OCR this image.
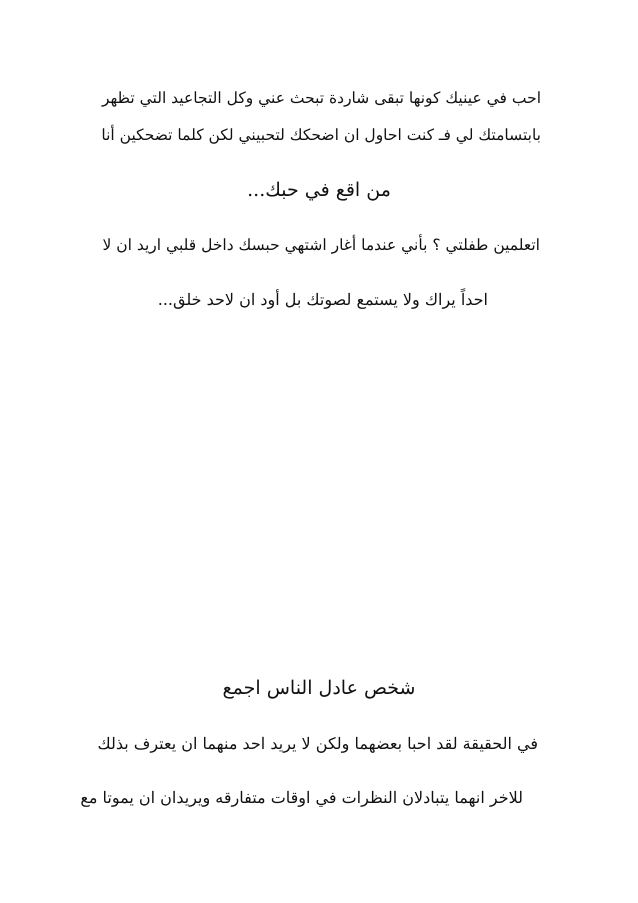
احب في عينيك كونها تبقى شاردة تبحث عني وكل التجاعيد التي تظهر
بابتسامتك لي فـ كنت احاول ان اضحكك لتحبيني لكن كلما تضحكين أنا
من اقع في حبك...
اتعلمين طفلتي ؟ بأني عندما أغار اشتهي حبسك داخل قلبي اريد ان لا
احداً يراك ولا يستمع لصوتك بل أود ان لاحد خلق...
شخص عادل الناس اجمع
في الحقيقة لقد احبا بعضهما ولكن لا يريد احد منهما ان يعترف بذلك
للاخر انهما يتبادلان النظرات في اوقات متفارقه ويريدان ان يموتا مع
